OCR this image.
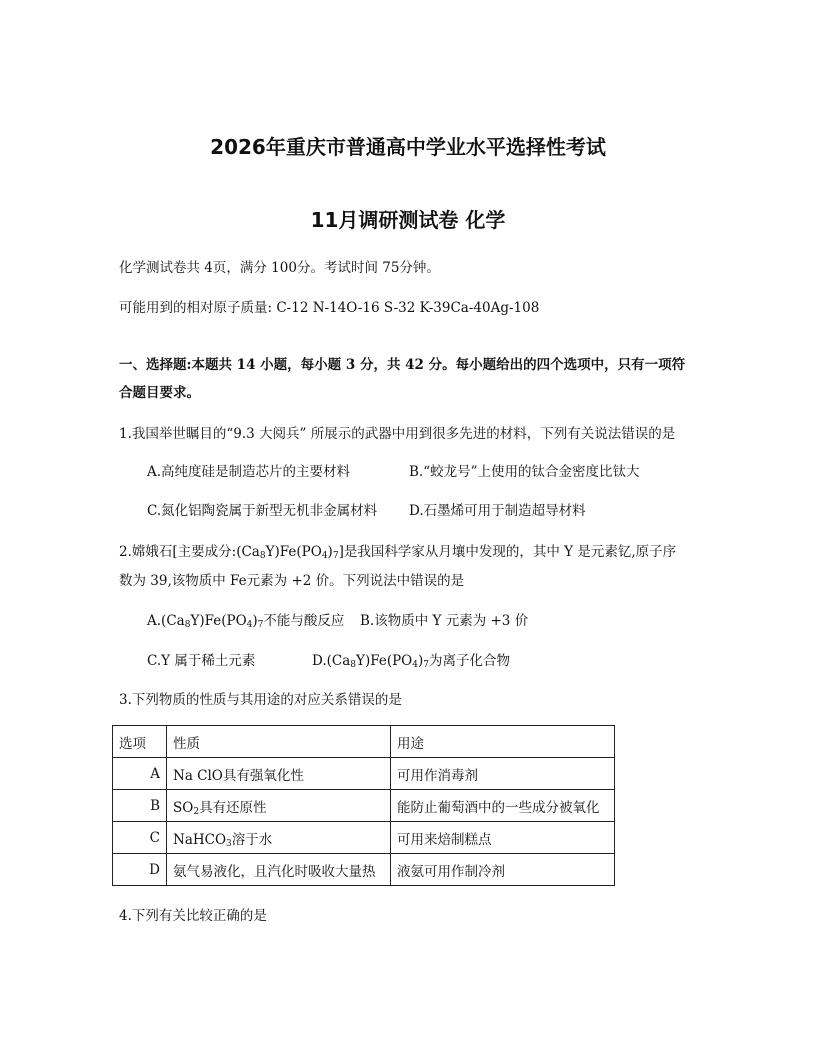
2026年重庆市普通高中学业水平选择性考试
11月调研测试卷 化学
化学测试卷共 4页，满分 100分。考试时间 75分钟。
可能用到的相对原子质量: C-12 N-14O-16 S-32 K-39Ca-40Ag-108
一、选择题:本题共 14 小题，每小题 3 分，共 42 分。每小题给出的四个选项中，只有一项符
合题目要求。
1.我国举世瞩目的“9.3 大阅兵” 所展示的武器中用到很多先进的材料，下列有关说法错误的是
A.高纯度硅是制造芯片的主要材料	B.“蛟龙号”上使用的钛合金密度比钛大
C.氮化铝陶瓷属于新型无机非金属材料 D.石墨烯可用于制造超导材料
2.嫦娥石[主要成分$:(Ca_8Y)Fe(PO_4)_7$]是我国科学家从月壤中发现的，其中 Y 是元素钇,原子序
数为 39,该物质中 Fe元素为 +2 价。下列说法中错误的是
$A.(Ca_8Y)Fe(PO_4)_7$不能与酸反应 B.该物质中 Y 元素为 +3 价
C.Y 属于稀土元素	$D.(Ca_8Y)Fe(PO_4)_7$为离子化合物
3.下列物质的性质与其用途的对应关系错误的是
选项	性质	用途
A	Na ClO具有强氧化性	可用作消毒剂
B	$SO_2$具有还原性	能防止葡萄酒中的一些成分被氧化
C	NaHCO$_3$溶于水	可用来焙制糕点
D	氨气易液化，且汽化时吸收大量热	液氨可用作制冷剂
4.下列有关比较正确的是
